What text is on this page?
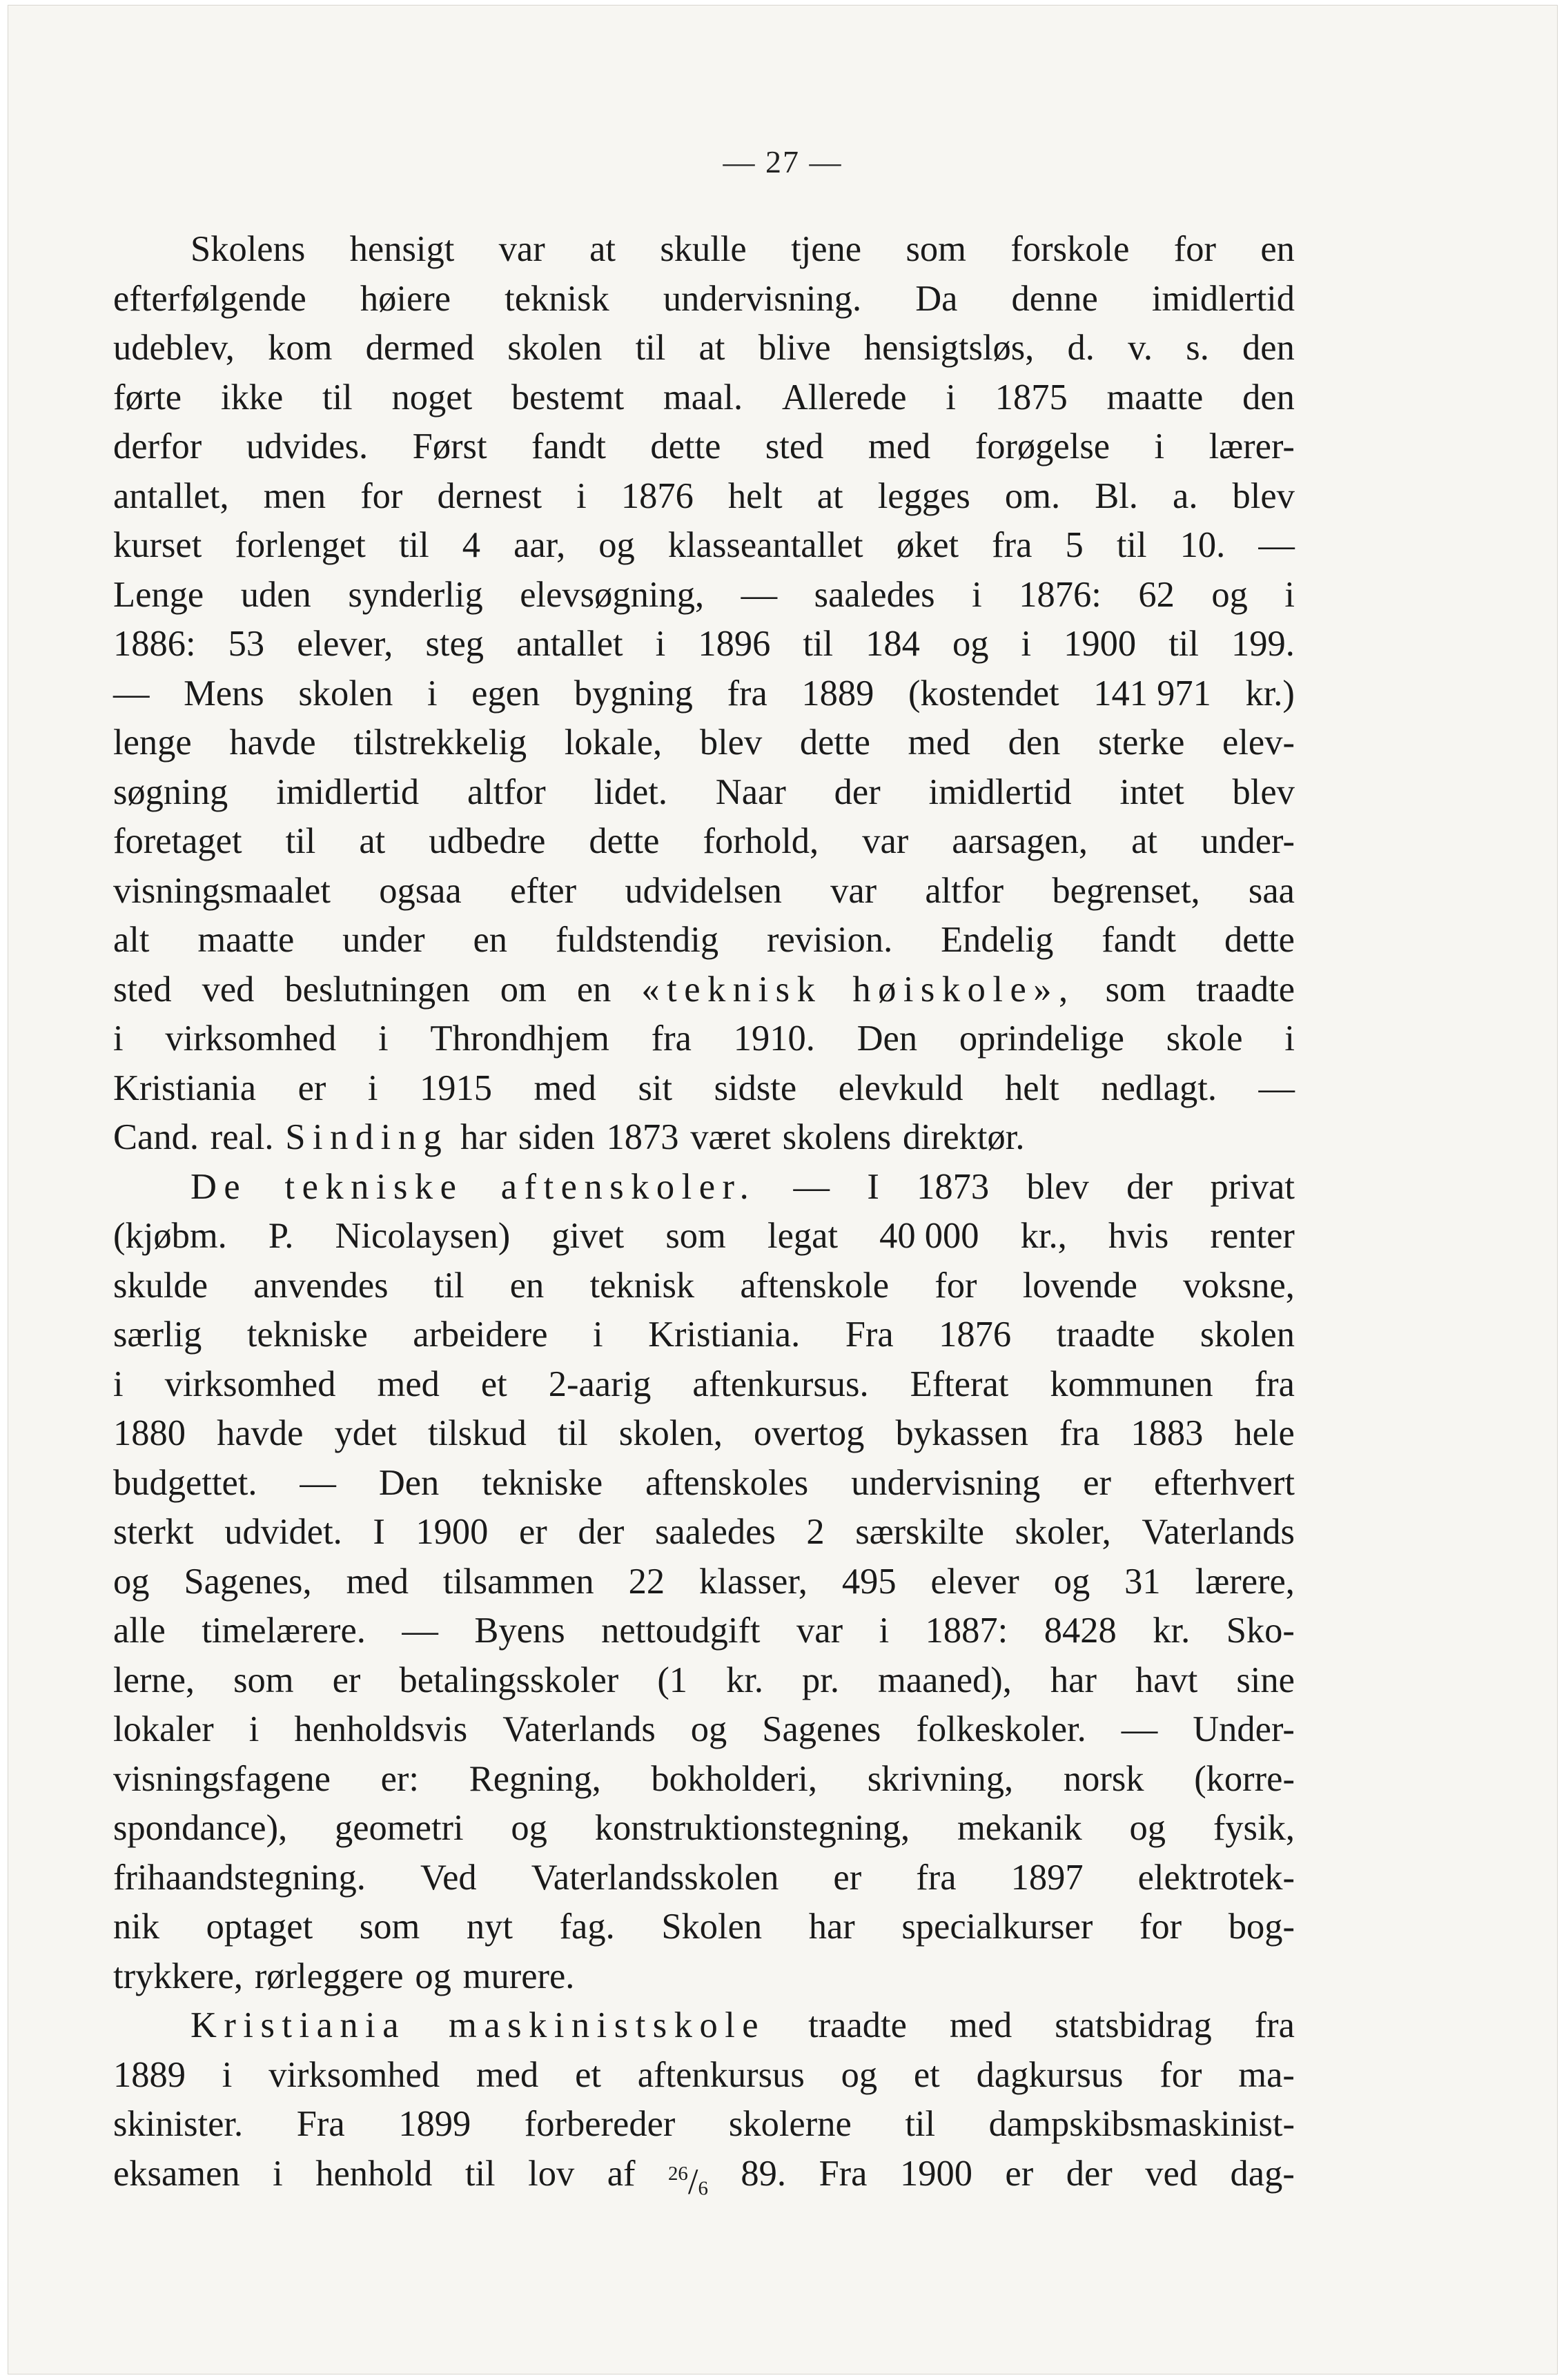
— 27 —
Skolens hensigt var at skulle tjene som forskole for en
efterfølgende høiere teknisk undervisning. Da denne imidlertid
udeblev, kom dermed skolen til at blive hensigtsløs, d. v. s. den
førte ikke til noget bestemt maal. Allerede i 1875 maatte den
derfor udvides. Først fandt dette sted med forøgelse i lærer-
antallet, men for dernest i 1876 helt at legges om. Bl. a. blev
kurset forlenget til 4 aar, og klasseantallet øket fra 5 til 10. —
Lenge uden synderlig elevsøgning, — saaledes i 1876: 62 og i
1886: 53 elever, steg antallet i 1896 til 184 og i 1900 til 199.
— Mens skolen i egen bygning fra 1889 (kostendet 141 971 kr.)
lenge havde tilstrekkelig lokale, blev dette med den sterke elev-
søgning imidlertid altfor lidet. Naar der imidlertid intet blev
foretaget til at udbedre dette forhold, var aarsagen, at under-
visningsmaalet ogsaa efter udvidelsen var altfor begrenset, saa
alt maatte under en fuldstendig revision. Endelig fandt dette
sted ved beslutningen om en «teknisk høiskole», som traadte
i virksomhed i Throndhjem fra 1910. Den oprindelige skole i
Kristiania er i 1915 med sit sidste elevkuld helt nedlagt. —
Cand. real. Sinding har siden 1873 været skolens direktør.
De tekniske aftenskoler. — I 1873 blev der privat
(kjøbm. P. Nicolaysen) givet som legat 40 000 kr., hvis renter
skulde anvendes til en teknisk aftenskole for lovende voksne,
særlig tekniske arbeidere i Kristiania. Fra 1876 traadte skolen
i virksomhed med et 2-aarig aftenkursus. Efterat kommunen fra
1880 havde ydet tilskud til skolen, overtog bykassen fra 1883 hele
budgettet. — Den tekniske aftenskoles undervisning er efterhvert
sterkt udvidet. I 1900 er der saaledes 2 særskilte skoler, Vaterlands
og Sagenes, med tilsammen 22 klasser, 495 elever og 31 lærere,
alle timelærere. — Byens nettoudgift var i 1887: 8428 kr. Sko-
lerne, som er betalingsskoler (1 kr. pr. maaned), har havt sine
lokaler i henholdsvis Vaterlands og Sagenes folkeskoler. — Under-
visningsfagene er: Regning, bokholderi, skrivning, norsk (korre-
spondance), geometri og konstruktionstegning, mekanik og fysik,
frihaandstegning. Ved Vaterlandsskolen er fra 1897 elektrotek-
nik optaget som nyt fag. Skolen har specialkurser for bog-
trykkere, rørleggere og murere.
Kristiania maskinistskole traadte med statsbidrag fra
1889 i virksomhed med et aftenkursus og et dagkursus for ma-
skinister. Fra 1899 forbereder skolerne til dampskibsmaskinist-
eksamen i henhold til lov af $^{26}/_6$ 89. Fra 1900 er der ved dag-
